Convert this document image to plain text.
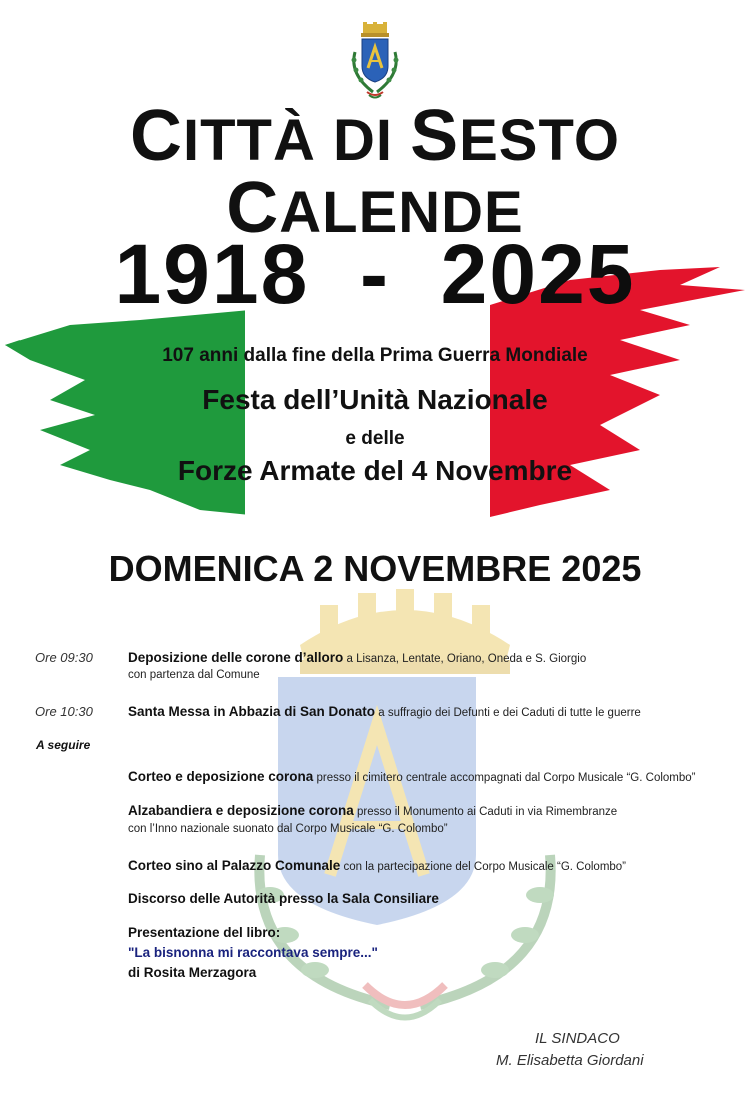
CITTÀ DI SESTO CALENDE
1918  -  2025
107 anni dalla fine della Prima Guerra Mondiale
Festa dell’Unità Nazionale
e delle
Forze Armate del 4 Novembre
DOMENICA 2 NOVEMBRE 2025
Ore 09:30	Deposizione delle corone d’alloro a Lisanza, Lentate, Oriano, Oneda e S. Giorgio
con partenza dal Comune
Ore 10:30	Santa Messa in Abbazia di San Donato a suffragio dei Defunti e dei Caduti di tutte le guerre
A seguire
Corteo e deposizione corona presso il cimitero centrale accompagnati dal Corpo Musicale “G. Colombo”
Alzabandiera e deposizione corona presso il Monumento ai Caduti in via Rimembranze
con l’Inno nazionale suonato dal Corpo Musicale “G. Colombo”
Corteo sino al Palazzo Comunale con la partecipazione del Corpo Musicale “G. Colombo”
Discorso delle Autorità presso la Sala Consiliare
Presentazione del libro:
"La bisnonna mi raccontava sempre..."
di Rosita Merzagora
IL SINDACO
M. Elisabetta Giordani
